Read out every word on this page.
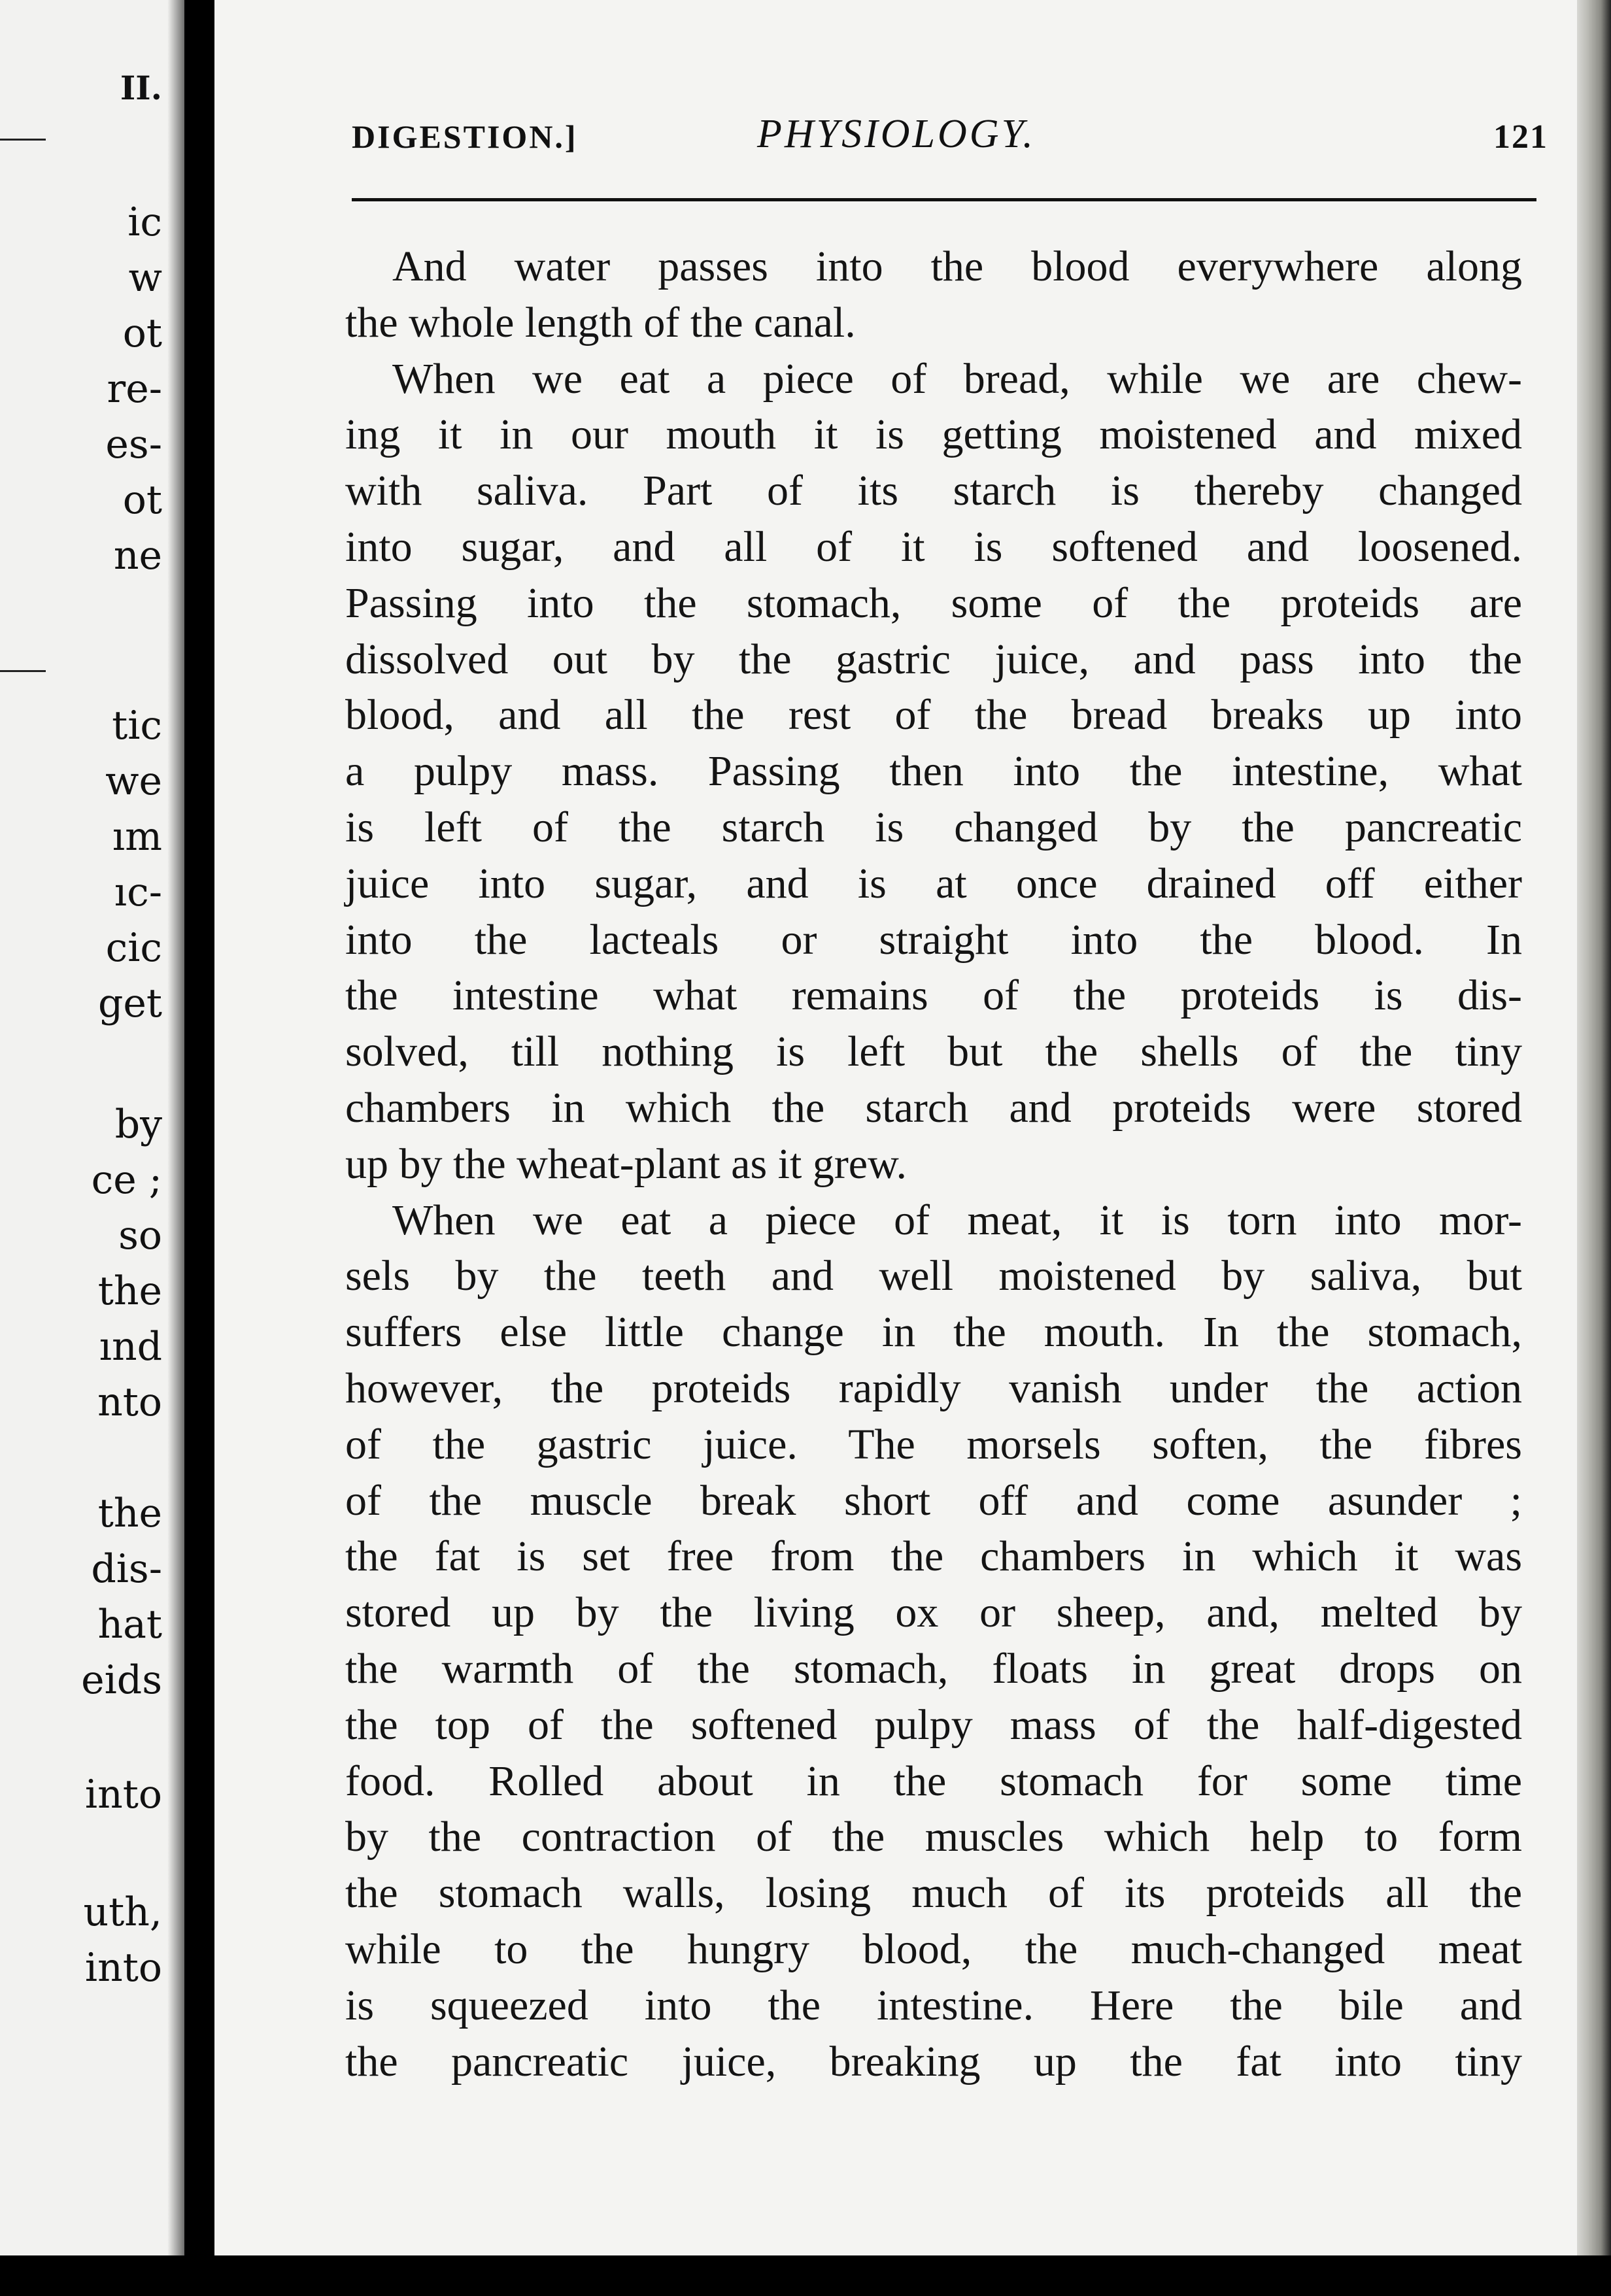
II.

ic

w

ot

re-

es-

ot

ne

tic

we

ım

ıc-

cic

get

by

ce ;

so

the

ınd

nto

the

dis-

hat

eids

into

uth,

into

DIGESTION.]	PHYSIOLOGY.	121
And water passes into the blood everywhere along
the whole length of the canal.
When we eat a piece of bread, while we are chew-
ing it in our mouth it is getting moistened and mixed
with saliva. Part of its starch is thereby changed
into sugar, and all of it is softened and loosened.
Passing into the stomach, some of the proteids are
dissolved out by the gastric juice, and pass into the
blood, and all the rest of the bread breaks up into
a pulpy mass. Passing then into the intestine, what
is left of the starch is changed by the pancreatic
juice into sugar, and is at once drained off either
into the lacteals or straight into the blood. In
the intestine what remains of the proteids is dis-
solved, till nothing is left but the shells of the tiny
chambers in which the starch and proteids were stored
up by the wheat-plant as it grew.
When we eat a piece of meat, it is torn into mor-
sels by the teeth and well moistened by saliva, but
suffers else little change in the mouth. In the stomach,
however, the proteids rapidly vanish under the action
of the gastric juice. The morsels soften, the fibres
of the muscle break short off and come asunder ;
the fat is set free from the chambers in which it was
stored up by the living ox or sheep, and, melted by
the warmth of the stomach, floats in great drops on
the top of the softened pulpy mass of the half-digested
food. Rolled about in the stomach for some time
by the contraction of the muscles which help to form
the stomach walls, losing much of its proteids all the
while to the hungry blood, the much-changed meat
is squeezed into the intestine. Here the bile and
the pancreatic juice, breaking up the fat into tiny
